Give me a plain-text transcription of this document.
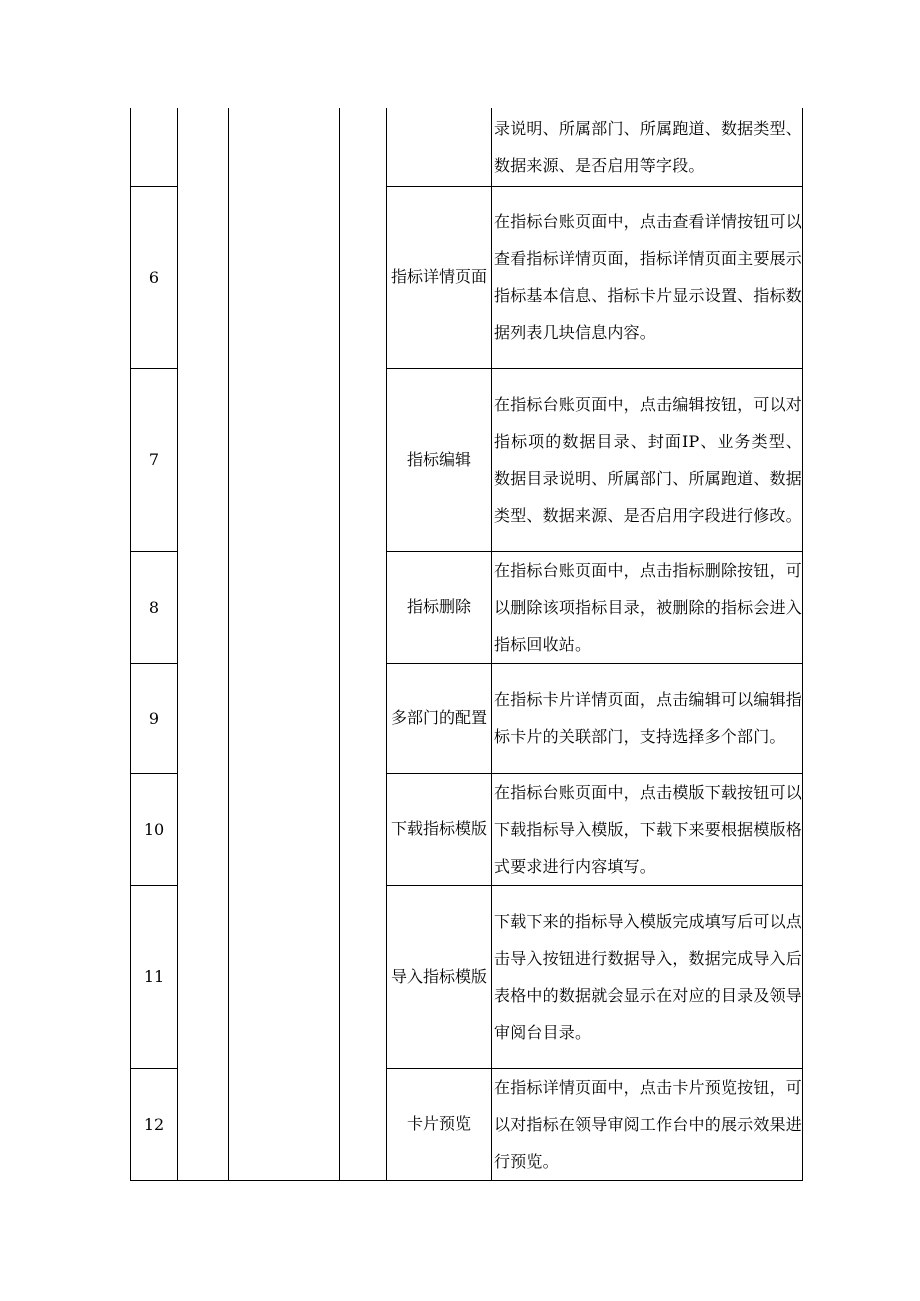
					录说明、所属部门、所属跑道、数据类型、数据来源、是否启用等字段。
6				指标详情页面	在指标台账页面中，点击查看详情按钮可以查看指标详情页面，指标详情页面主要展示指标基本信息、指标卡片显示设置、指标数据列表几块信息内容。
7				指标编辑	在指标台账页面中，点击编辑按钮，可以对指标项的数据目录、封面IP、业务类型、数据目录说明、所属部门、所属跑道、数据类型、数据来源、是否启用字段进行修改。
8				指标删除	在指标台账页面中，点击指标删除按钮，可以删除该项指标目录，被删除的指标会进入指标回收站。
9				多部门的配置	在指标卡片详情页面，点击编辑可以编辑指标卡片的关联部门，支持选择多个部门。
10				下载指标模版	在指标台账页面中，点击模版下载按钮可以下载指标导入模版，下载下来要根据模版格式要求进行内容填写。
11				导入指标模版	下载下来的指标导入模版完成填写后可以点击导入按钮进行数据导入，数据完成导入后表格中的数据就会显示在对应的目录及领导审阅台目录。
12				卡片预览	在指标详情页面中，点击卡片预览按钮，可以对指标在领导审阅工作台中的展示效果进行预览。
